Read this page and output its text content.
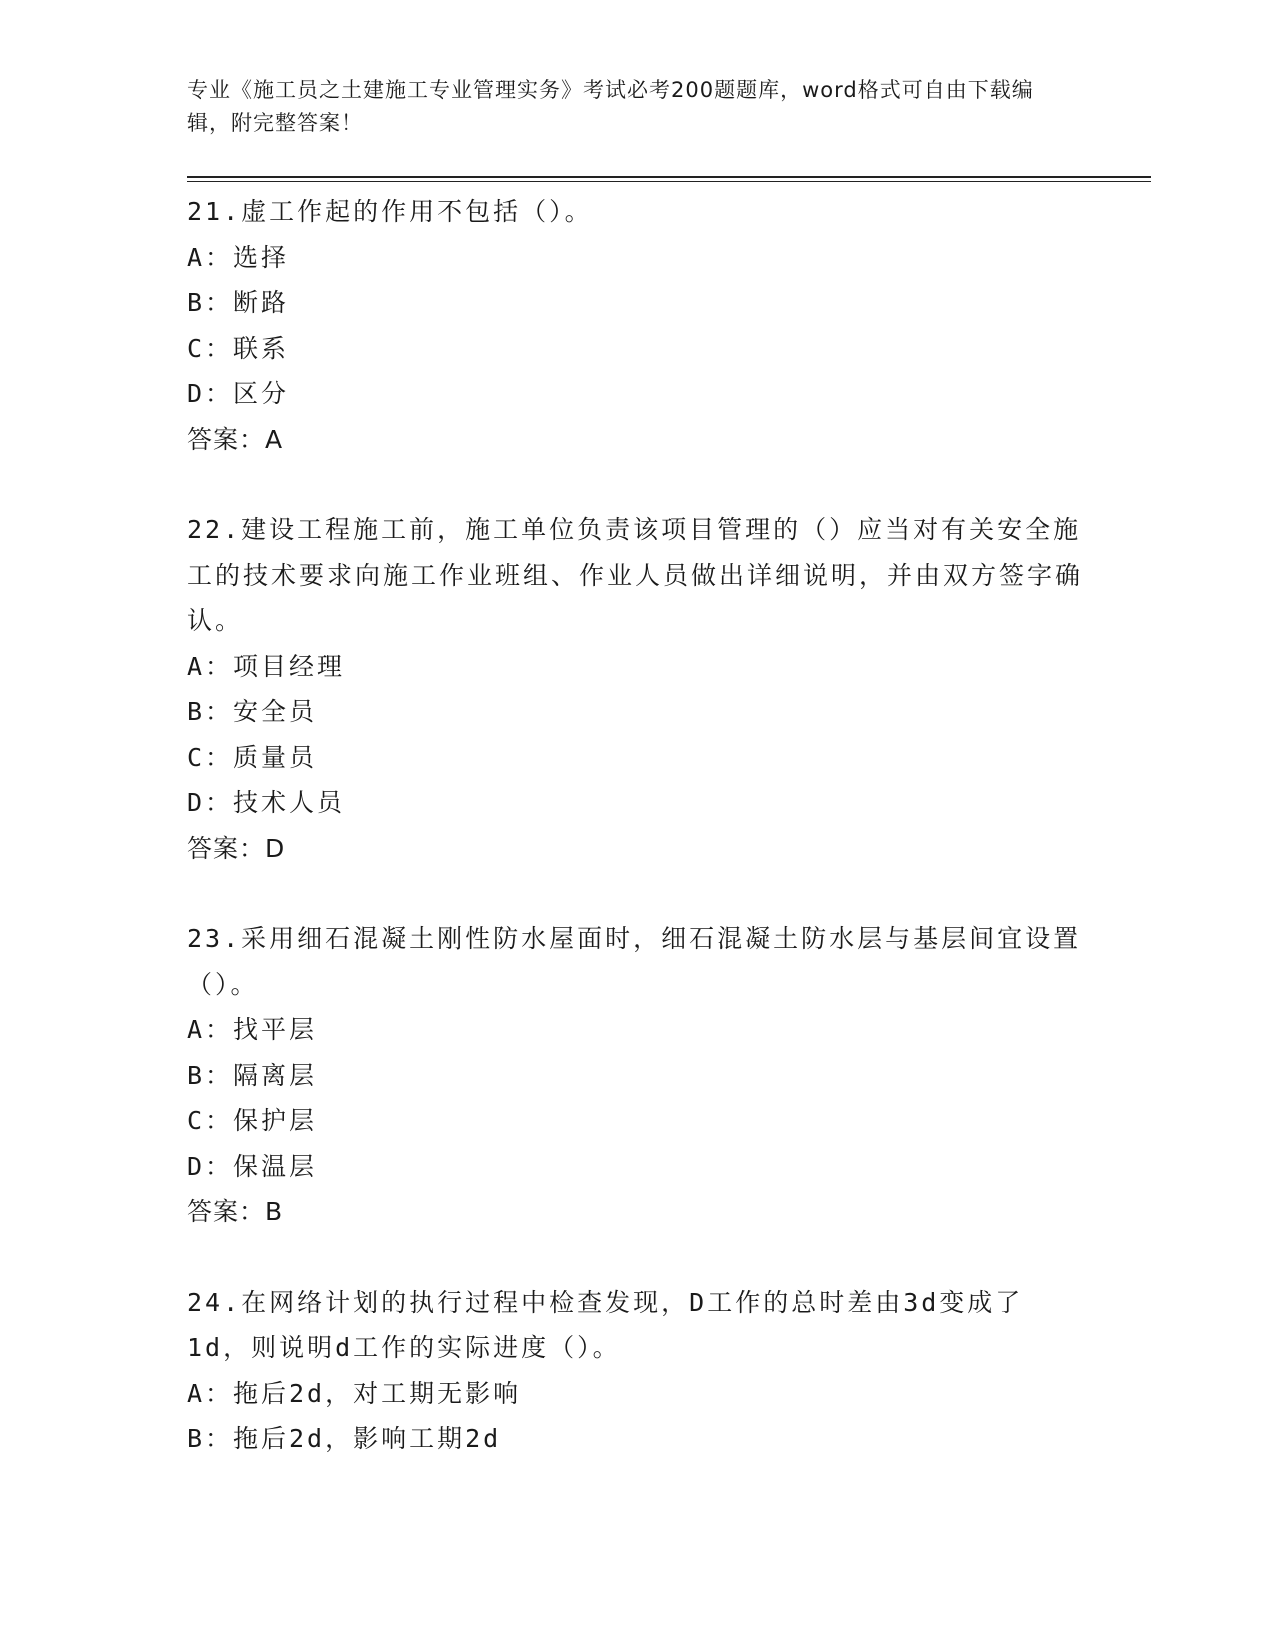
专业《施工员之土建施工专业管理实务》考试必考200题题库，word格式可自由下载编辑，附完整答案！

21.虚工作起的作用不包括（）。

A：选择

B：断路

C：联系

D：区分

答案：A

22.建设工程施工前，施工单位负责该项目管理的（）应当对有关安全施工的技术要求向施工作业班组、作业人员做出详细说明，并由双方签字确认。

A：项目经理

B：安全员

C：质量员

D：技术人员

答案：D

23.采用细石混凝土刚性防水屋面时，细石混凝土防水层与基层间宜设置（）。

A：找平层

B：隔离层

C：保护层

D：保温层

答案：B

24.在网络计划的执行过程中检查发现，D工作的总时差由3d变成了1d，则说明d工作的实际进度（）。

A：拖后2d，对工期无影响

B：拖后2d，影响工期2d
